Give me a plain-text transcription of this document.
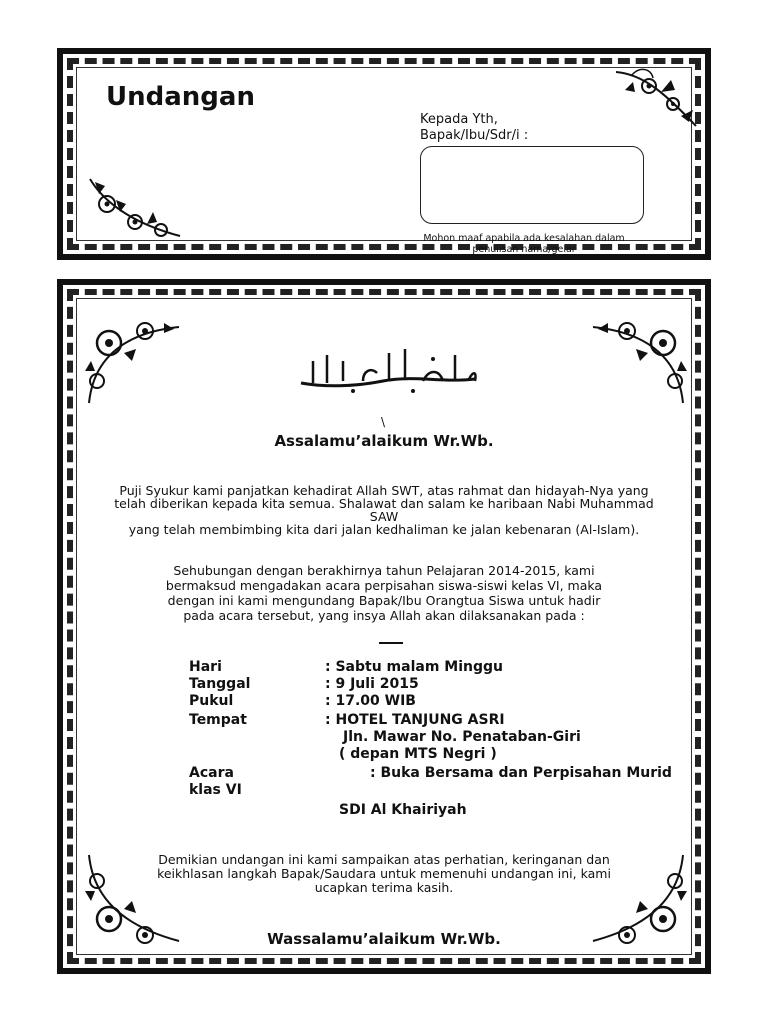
Undangan
Kepada Yth,
Bapak/Ibu/Sdr/i :
Mohon maaf apabila ada kesalahan dalam penulisan nama/gelar
\
Assalamu’alaikum Wr.Wb.
Puji Syukur kami panjatkan kehadirat Allah SWT, atas rahmat dan hidayah-Nya yang
telah diberikan kepada kita semua. Shalawat dan salam ke haribaan Nabi Muhammad
SAW
yang telah membimbing kita dari jalan kedhaliman ke jalan kebenaran (Al-Islam).
Sehubungan dengan berakhirnya tahun Pelajaran 2014-2015, kami
bermaksud mengadakan acara perpisahan siswa-siswi kelas VI, maka
dengan ini kami mengundang Bapak/Ibu Orangtua Siswa untuk hadir
pada acara tersebut, yang insya Allah akan dilaksanakan pada :
Hari	: Sabtu malam Minggu
Tanggal	: 9 Juli 2015
Pukul	: 17.00 WIB
Tempat	: HOTEL TANJUNG ASRI
Jln. Mawar No. Penataban-Giri
( depan MTS Negri )
Acara	: Buka Bersama dan Perpisahan Murid
klas VI
SDI Al Khairiyah
Demikian undangan ini kami sampaikan atas perhatian, keringanan dan
keikhlasan langkah Bapak/Saudara untuk memenuhi undangan ini, kami
ucapkan terima kasih.
Wassalamu’alaikum Wr.Wb.
